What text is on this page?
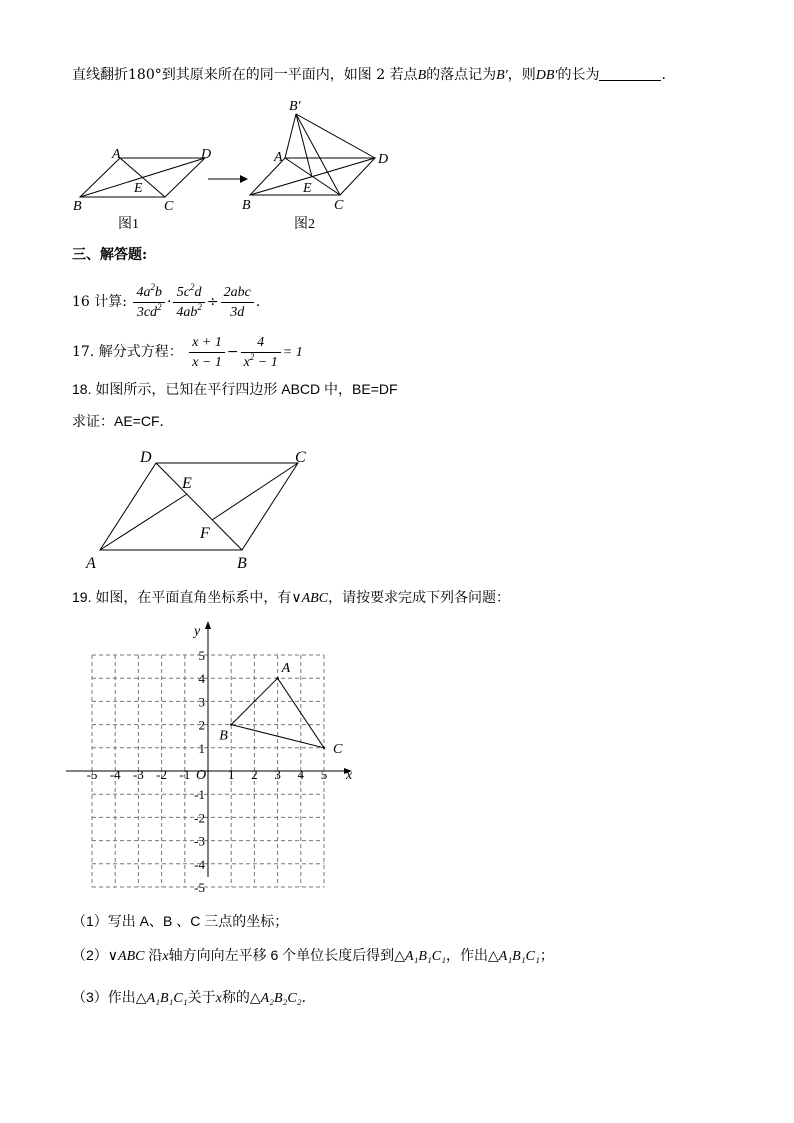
直线翻折180°到其原来所在的同一平面内，如图 2 若点B的落点记为B′，则DB′的长为	.
A	D
E
B	C
图1
B′
A	D
E
B	C
图2
三、解答题:
16 计算: $\frac{4a^2b}{3cd^2} \cdot \frac{5c^2d}{4ab^2} \div \frac{\text{2abc}}{3d}$ .
17. 解分式方程： $\frac{x + 1}{x - 1} - \frac{4}{x^2 - 1} = 1$
18. 如图所示，已知在平行四边形 ABCD 中，BE=DF
求证：AE=CF．
D	C
E
F
A	B
19. 如图，在平面直角坐标系中，有∨ABC，请按要求完成下列各问题：
x
y
O
-5 -4 -3 -2 -1	1 2 3 4 5
5
4
3
2
1
-1
-2
-3
-4
-5
A
B
C
（1）写出 A、B 、C 三点的坐标；
（2）∨ABC 沿x轴方向向左平移 6 个单位长度后得到△A₁B₁C₁，作出△A₁B₁C₁；
（3）作出△A₁B₁C₁关于x称的△A₂B₂C₂．
